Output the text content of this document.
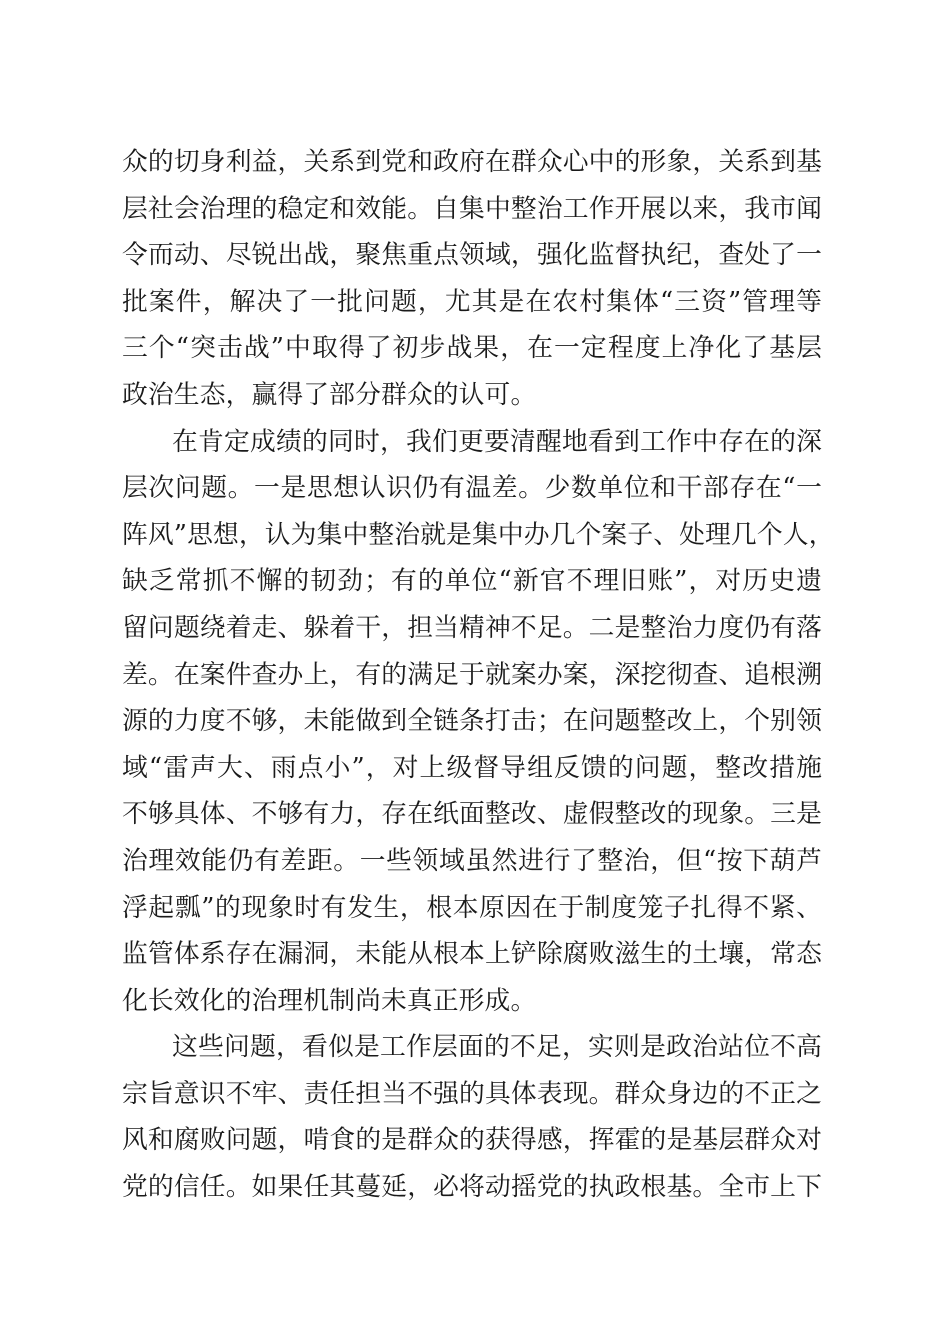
众的切身利益，关系到党和政府在群众心中的形象，关系到基
层社会治理的稳定和效能。自集中整治工作开展以来，我市闻
令而动、尽锐出战，聚焦重点领域，强化监督执纪，查处了一
批案件，解决了一批问题，尤其是在农村集体“三资”管理等
三个“突击战”中取得了初步战果，在一定程度上净化了基层
政治生态，赢得了部分群众的认可。
在肯定成绩的同时，我们更要清醒地看到工作中存在的深
层次问题。一是思想认识仍有温差。少数单位和干部存在“一
阵风”思想，认为集中整治就是集中办几个案子、处理几个人，
缺乏常抓不懈的韧劲；有的单位“新官不理旧账”，对历史遗
留问题绕着走、躲着干，担当精神不足。二是整治力度仍有落
差。在案件查办上，有的满足于就案办案，深挖彻查、追根溯
源的力度不够，未能做到全链条打击；在问题整改上，个别领
域“雷声大、雨点小”，对上级督导组反馈的问题，整改措施
不够具体、不够有力，存在纸面整改、虚假整改的现象。三是
治理效能仍有差距。一些领域虽然进行了整治，但“按下葫芦
浮起瓢”的现象时有发生，根本原因在于制度笼子扎得不紧、
监管体系存在漏洞，未能从根本上铲除腐败滋生的土壤，常态
化长效化的治理机制尚未真正形成。
这些问题，看似是工作层面的不足，实则是政治站位不高
宗旨意识不牢、责任担当不强的具体表现。群众身边的不正之
风和腐败问题，啃食的是群众的获得感，挥霍的是基层群众对
党的信任。如果任其蔓延，必将动摇党的执政根基。全市上下
